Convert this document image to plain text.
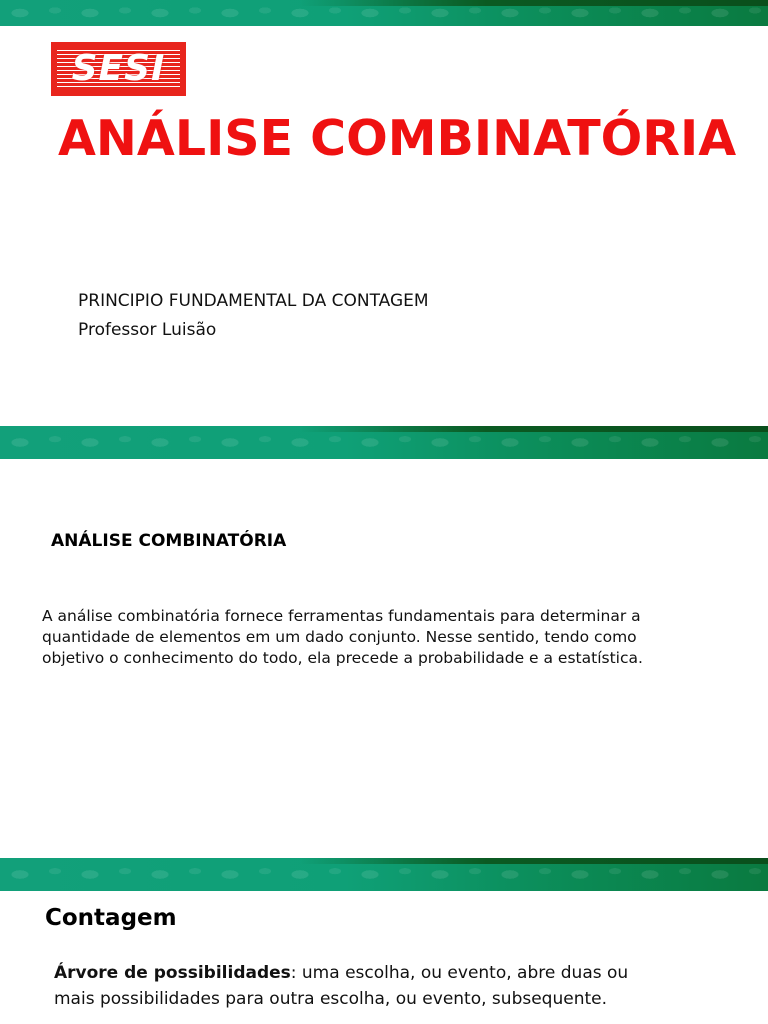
SESI
ANÁLISE COMBINATÓRIA
PRINCIPIO FUNDAMENTAL DA CONTAGEM
Professor Luisão
ANÁLISE COMBINATÓRIA
A análise combinatória fornece ferramentas fundamentais para determinar a quantidade de elementos em um dado conjunto. Nesse sentido, tendo como objetivo o conhecimento do todo, ela precede a probabilidade e a estatística.
Contagem
Árvore de possibilidades: uma escolha, ou evento, abre duas ou mais possibilidades para outra escolha, ou evento, subsequente.
